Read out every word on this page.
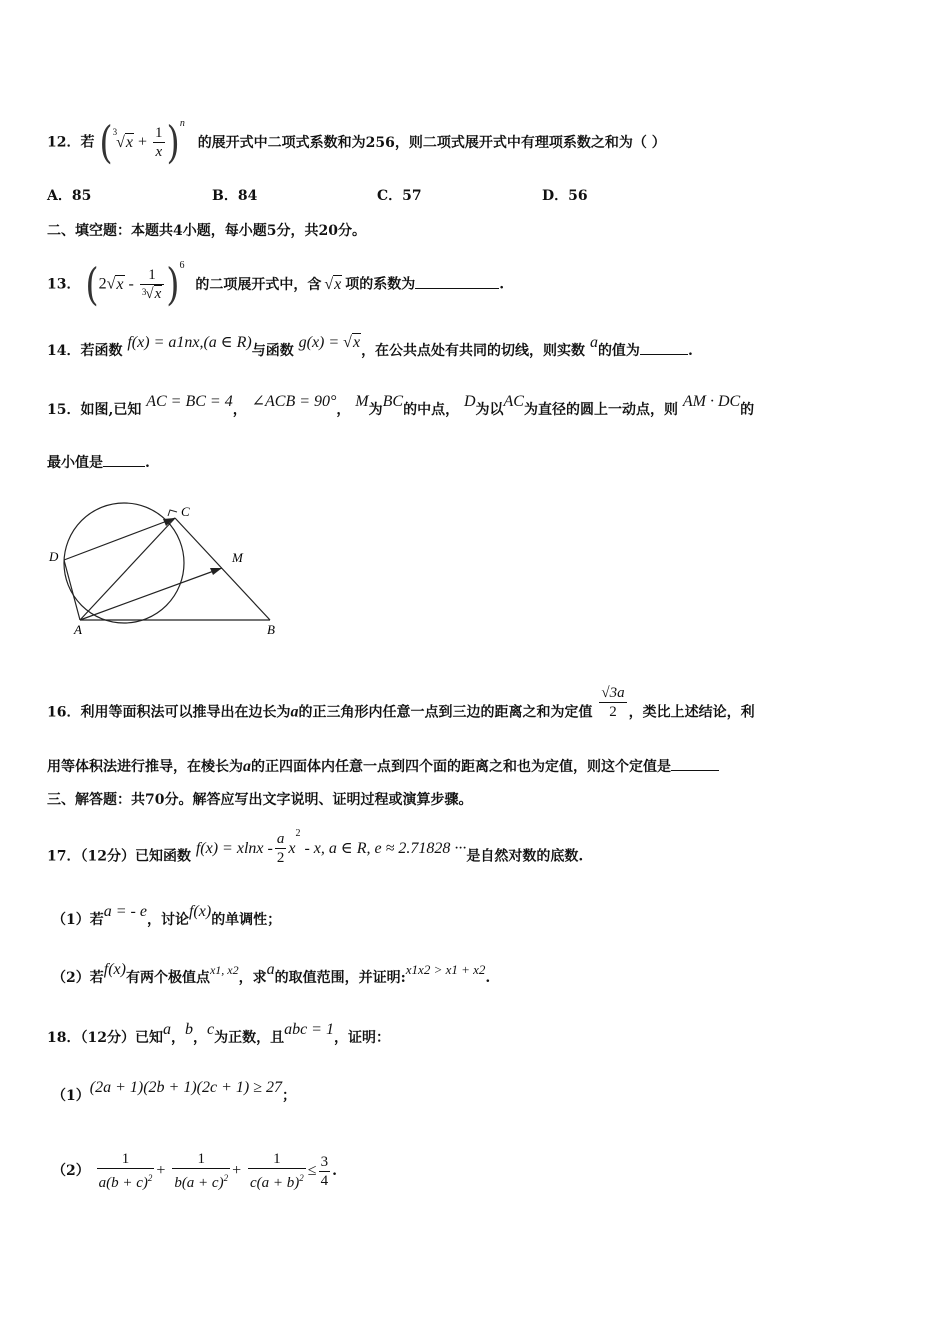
12．若 $(^3√x + \frac{1}{x} )^n$ 的展开式中二项式系数和为256，则二项式展开式中有理项系数之和为（ ）
A．85	B．84	C．57	D．56
二、填空题：本题共4小题，每小题5分，共20分。
13． $(2√x - \frac{1}{^3√x} )^6$ 的二项展开式中，含 √x 项的系数为	.
14．若函数 f(x) = a1nx,(a ∈ R)与函数 g(x) = √x，在公共点处有共同的切线，则实数 a的值为	.
15．如图,已知 AC = BC = 4， ∠ACB = 90°， M为BC的中点， D为以AC为直径的圆上一动点，则 AM · DC的
最小值是	.
C
D	M
A	B
16．利用等面积法可以推导出在边长为a的正三角形内任意一点到三边的距离之和为定值 $\frac{√3a}{2}$ ，类比上述结论，利
用等体积法进行推导，在棱长为a的正四面体内任意一点到四个面的距离之和也为定值，则这个定值是
三、解答题：共70分。解答应写出文字说明、证明过程或演算步骤。
17．（12分）已知函数 $f(x) = xlnx - \frac{a}{2} x^2 - x$, a ∈ R, e ≈ 2.71828 ···是自然对数的底数.
（1）若a = - e，讨论f(x)的单调性；
（2）若f(x)有两个极值点x1, x2，求a的取值范围，并证明:x1x2 > x1 + x2.
18．（12分）已知a，b，c为正数，且abc = 1，证明：
（1）(2a + 1)(2b + 1)(2c + 1) ≥ 27；
$(2) \frac{1}{a(b + c)^2} + \frac{1}{b(a + c)^2} + \frac{1}{c(a + b)^2} \le \frac{3}{4}$ .
